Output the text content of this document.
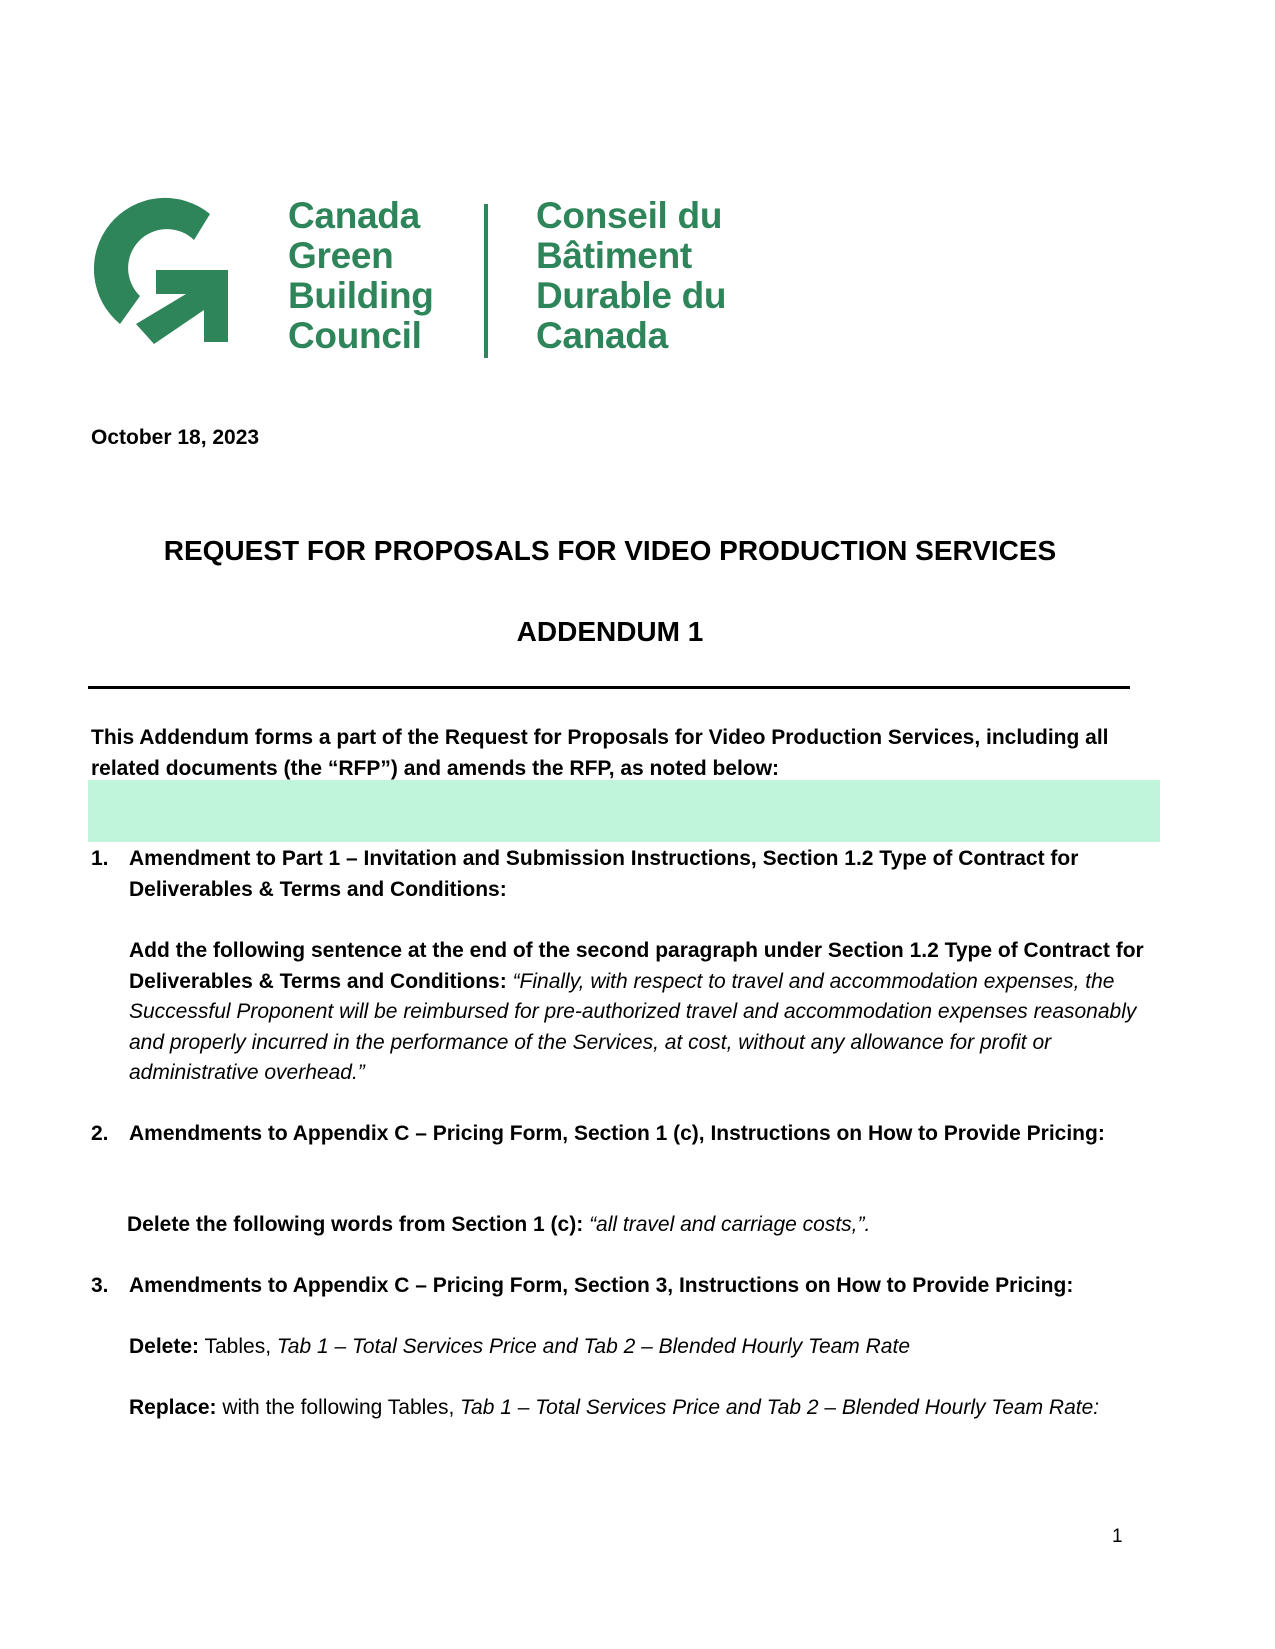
Canada
Green
Building
Council
Conseil du
Bâtiment
Durable du
Canada
October 18, 2023
REQUEST FOR PROPOSALS FOR VIDEO PRODUCTION SERVICES
ADDENDUM 1
This Addendum forms a part of the Request for Proposals for Video Production Services, including all related documents (the “RFP”) and amends the RFP, as noted below:
1. Amendment to Part 1 – Invitation and Submission Instructions, Section 1.2 Type of Contract for Deliverables & Terms and Conditions:
Add the following sentence at the end of the second paragraph under Section 1.2 Type of Contract for Deliverables & Terms and Conditions: “Finally, with respect to travel and accommodation expenses, the Successful Proponent will be reimbursed for pre-authorized travel and accommodation expenses reasonably and properly incurred in the performance of the Services, at cost, without any allowance for profit or administrative overhead.”
2. Amendments to Appendix C – Pricing Form, Section 1 (c), Instructions on How to Provide Pricing:
Delete the following words from Section 1 (c): “all travel and carriage costs,”.
3. Amendments to Appendix C – Pricing Form, Section 3, Instructions on How to Provide Pricing:
Delete: Tables, Tab 1 – Total Services Price and Tab 2 – Blended Hourly Team Rate
Replace: with the following Tables, Tab 1 – Total Services Price and Tab 2 – Blended Hourly Team Rate:
1
